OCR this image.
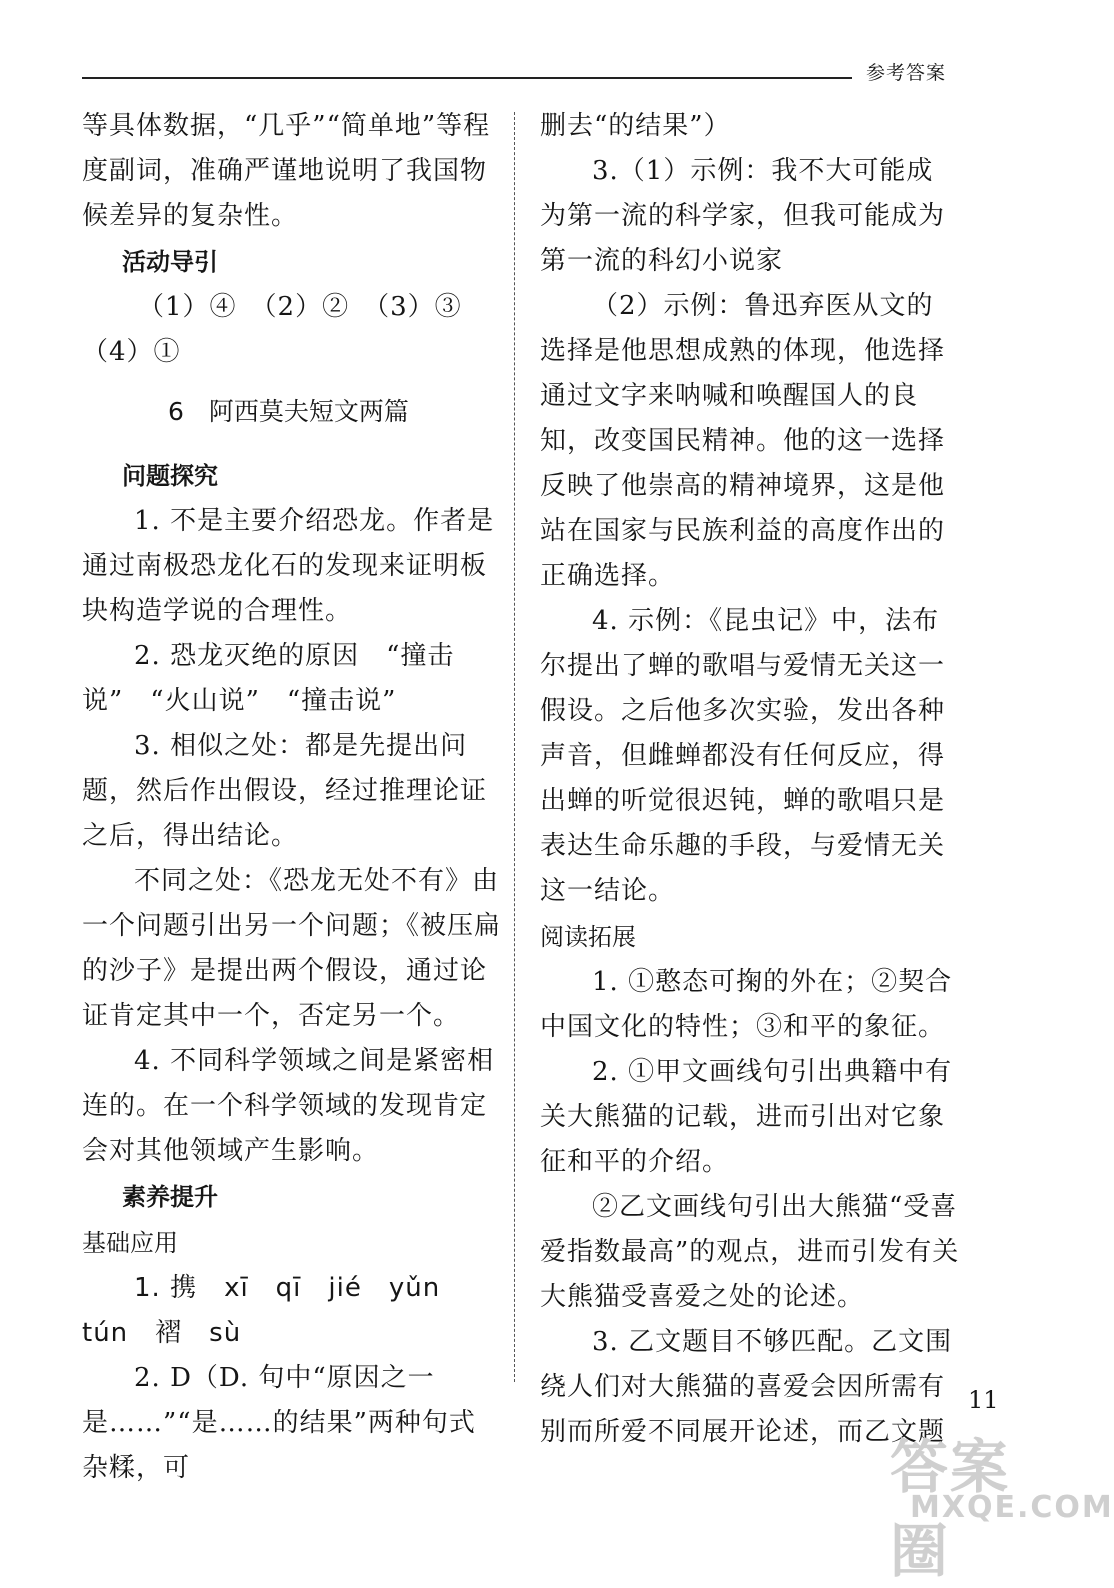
参考答案

等具体数据，“几乎”“简单地”等程度副词，准确严谨地说明了我国物候差异的复杂性。

活动导引

（1）④　（2）②　（3）③　（4）①

6　阿西莫夫短文两篇

问题探究

1. 不是主要介绍恐龙。作者是通过南极恐龙化石的发现来证明板块构造学说的合理性。

2. 恐龙灭绝的原因　“撞击说”　“火山说”　“撞击说”

3. 相似之处：都是先提出问题，然后作出假设，经过推理论证之后，得出结论。

不同之处：《恐龙无处不有》由一个问题引出另一个问题；《被压扁的沙子》是提出两个假设，通过论证肯定其中一个，否定另一个。

4. 不同科学领域之间是紧密相连的。在一个科学领域的发现肯定会对其他领域产生影响。

素养提升

基础应用

1. 携　xī　qī　jié　yǔn　tún　褶　sù

2. D（D. 句中“原因之一是……”“是……的结果”两种句式杂糅，可

删去“的结果”）

3.（1）示例：我不大可能成为第一流的科学家，但我可能成为第一流的科幻小说家

（2）示例：鲁迅弃医从文的选择是他思想成熟的体现，他选择通过文字来呐喊和唤醒国人的良知，改变国民精神。他的这一选择反映了他崇高的精神境界，这是他站在国家与民族利益的高度作出的正确选择。

4. 示例：《昆虫记》中，法布尔提出了蝉的歌唱与爱情无关这一假设。之后他多次实验，发出各种声音，但雌蝉都没有任何反应，得出蝉的听觉很迟钝，蝉的歌唱只是表达生命乐趣的手段，与爱情无关这一结论。

阅读拓展

1. ①憨态可掬的外在；②契合中国文化的特性；③和平的象征。

2. ①甲文画线句引出典籍中有关大熊猫的记载，进而引出对它象征和平的介绍。

②乙文画线句引出大熊猫“受喜爱指数最高”的观点，进而引发有关大熊猫受喜爱之处的论述。

3. 乙文题目不够匹配。乙文围绕人们对大熊猫的喜爱会因所需有别而所爱不同展开论述，而乙文题

11
答案圈
MXQE.COM
